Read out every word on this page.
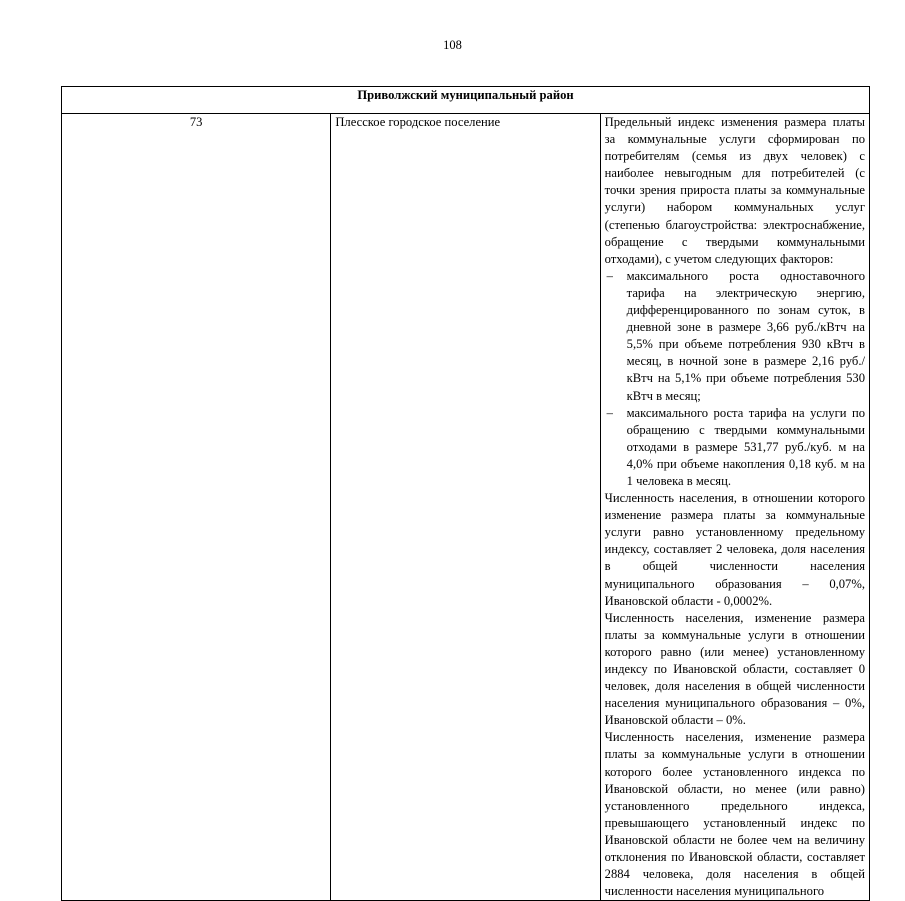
108
Приволжский муниципальный район
73	Плесское городское поселение	Предельный индекс изменения размера платы за коммунальные услуги сформирован по потребителям (семья из двух человек) с наиболее невыгодным для потребителей (с точки зрения прироста платы за коммунальные услуги) набором коммунальных услуг (степенью благоустройства: электроснабжение, обращение с твердыми коммунальными отходами), с учетом следующих факторов:

– максимального роста одноставочного тарифа на электрическую энергию, дифференцированного по зонам суток, в дневной зоне в размере 3,66 руб./кВтч на 5,5% при объеме потребления 930 кВтч в месяц, в ночной зоне в размере 2,16 руб./кВтч на 5,1% при объеме потребления 530 кВтч в месяц;
– максимального роста тарифа на услуги по обращению с твердыми коммунальными отходами в размере 531,77 руб./куб. м на 4,0% при объеме накопления 0,18 куб. м на 1 человека в месяц.

Численность населения, в отношении которого изменение размера платы за коммунальные услуги равно установленному предельному индексу, составляет 2 человека, доля населения в общей численности населения муниципального образования – 0,07%, Ивановской области - 0,0002%.

Численность населения, изменение размера платы за коммунальные услуги в отношении которого равно (или менее) установленному индексу по Ивановской области, составляет 0 человек, доля населения в общей численности населения муниципального образования – 0%, Ивановской области – 0%.

Численность населения, изменение размера платы за коммунальные услуги в отношении которого более установленного индекса по Ивановской области, но менее (или равно) установленного предельного индекса, превышающего установленный индекс по Ивановской области не более чем на величину отклонения по Ивановской области, составляет 2884 человека, доля населения в общей численности населения муниципального
